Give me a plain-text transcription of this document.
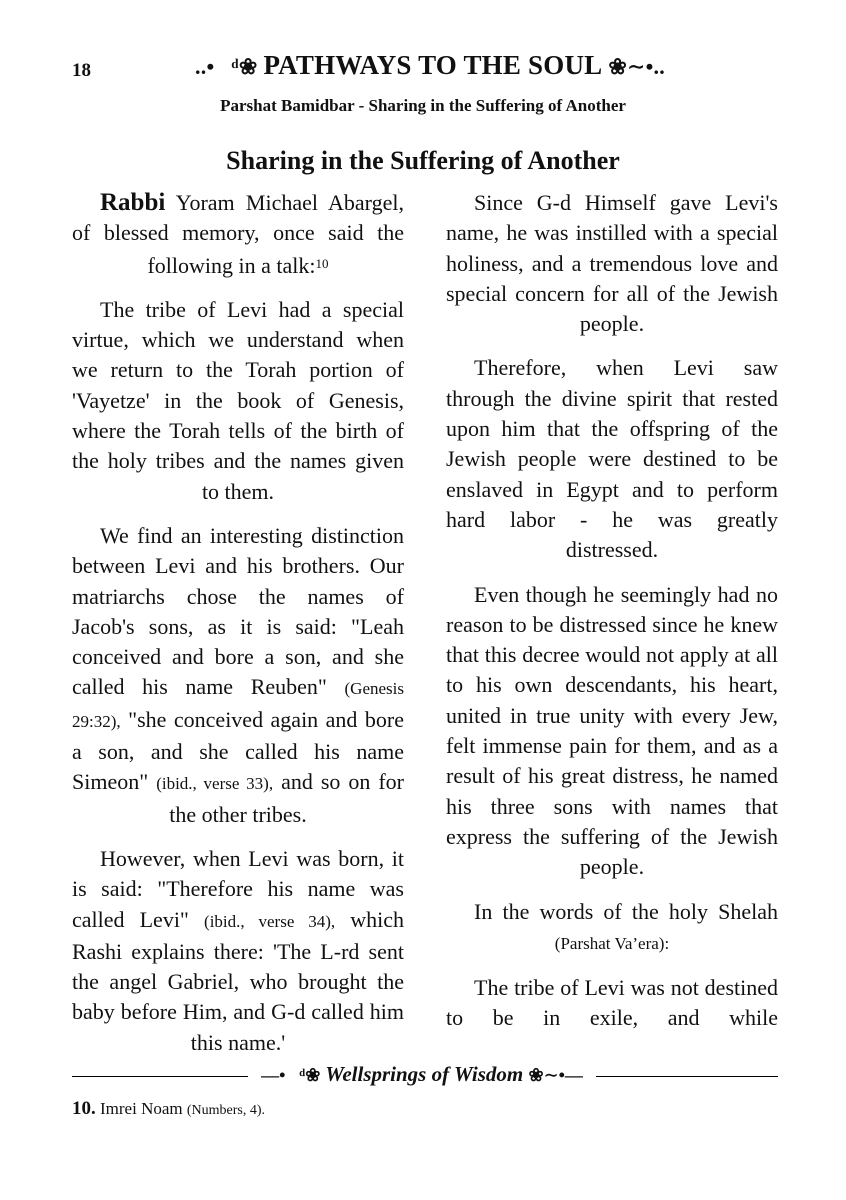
18	..•∽ͩ❀ PATHWAYS TO THE SOUL ❀∼•..
Parshat Bamidbar - Sharing in the Suffering of Another
Sharing in the Suffering of Another

Rabbi Yoram Michael Abargel, of blessed memory, once said the following in a talk:$^{10}$

The tribe of Levi had a special virtue, which we understand when we return to the Torah portion of 'Vayetze' in the book of Genesis, where the Torah tells of the birth of the holy tribes and the names given to them.

We find an interesting distinction between Levi and his brothers. Our matriarchs chose the names of Jacob's sons, as it is said: "Leah conceived and bore a son, and she called his name Reuben" (Genesis 29:32), "she conceived again and bore a son, and she called his name Simeon" (ibid., verse 33), and so on for the other tribes.

However, when Levi was born, it is said: "Therefore his name was called Levi" (ibid., verse 34), which Rashi explains there: 'The L-rd sent the angel Gabriel, who brought the baby before Him, and G-d called him this name.'

Since G-d Himself gave Levi's name, he was instilled with a special holiness, and a tremendous love and special concern for all of the Jewish people.

Therefore, when Levi saw through the divine spirit that rested upon him that the offspring of the Jewish people were destined to be enslaved in Egypt and to perform hard labor - he was greatly distressed.

Even though he seemingly had no reason to be distressed since he knew that this decree would not apply at all to his own descendants, his heart, united in true unity with every Jew, felt immense pain for them, and as a result of his great distress, he named his three sons with names that express the suffering of the Jewish people.

In the words of the holy Shelah (Parshat Va’era):

The tribe of Levi was not destined to be in exile, and while

—•∽ͩ❀ Wellsprings of Wisdom ❀∼•—
10. Imrei Noam (Numbers, 4).
